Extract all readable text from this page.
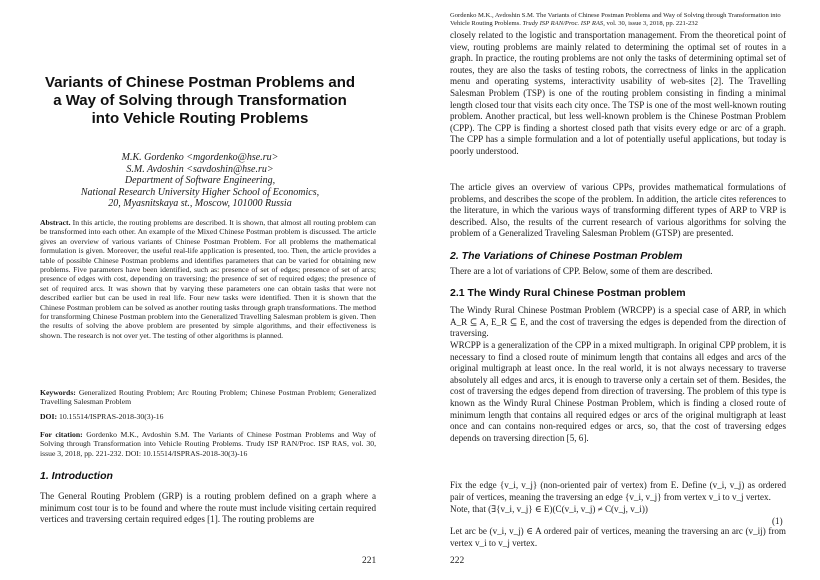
Variants of Chinese Postman Problems and a Way of Solving through Transformation into Vehicle Routing Problems
M.K. Gordenko <mgordenko@hse.ru>
S.M. Avdoshin <savdoshin@hse.ru>
Department of Software Engineering,
National Research University Higher School of Economics,
20, Myasnitskaya st., Moscow, 101000 Russia

Abstract. In this article, the routing problems are described. It is shown, that almost all routing problem can be transformed into each other. An example of the Mixed Chinese Postman problem is discussed. The article gives an overview of various variants of Chinese Postman Problem. For all problems the mathematical formulation is given. Moreover, the useful real-life application is presented, too. Then, the article provides a table of possible Chinese Postman problems and identifies parameters that can be varied for obtaining new problems. Five parameters have been identified, such as: presence of set of edges; presence of set of arcs; presence of edges with cost, depending on traversing; the presence of set of required edges; the presence of set of required arcs. It was shown that by varying these parameters one can obtain tasks that were not described earlier but can be used in real life. Four new tasks were identified. Then it is shown that the Chinese Postman problem can be solved as another routing tasks through graph transformations. The method for transforming Chinese Postman problem into the Generalized Travelling Salesman problem is given. Then the results of solving the above problem are presented by simple algorithms, and their effectiveness is shown. The research is not over yet. The testing of other algorithms is planned.

Keywords: Generalized Routing Problem; Arc Routing Problem; Chinese Postman Problem; Generalized Travelling Salesman Problem

DOI: 10.15514/ISPRAS-2018-30(3)-16

For citation: Gordenko M.K., Avdoshin S.M. The Variants of Chinese Postman Problems and Way of Solving through Transformation into Vehicle Routing Problems. Trudy ISP RAN/Proc. ISP RAS, vol. 30, issue 3, 2018, pp. 221-232. DOI: 10.15514/ISPRAS-2018-30(3)-16

1. Introduction

The General Routing Problem (GRP) is a routing problem defined on a graph where a minimum cost tour is to be found and where the route must include visiting certain required vertices and traversing certain required edges [1]. The routing problems are

221
Gordenko M.K., Avdoshin S.M. The Variants of Chinese Postman Problems and Way of Solving through Transformation into Vehicle Routing Problems. Trudy ISP RAN/Proc. ISP RAS, vol. 30, issue 3, 2018, pp. 221-232

closely related to the logistic and transportation management. From the theoretical point of view, routing problems are mainly related to determining the optimal set of routes in a graph. In practice, the routing problems are not only the tasks of determining optimal set of routes, they are also the tasks of testing robots, the correctness of links in the application menu and operating systems, interactivity usability of web-sites [2]. The Travelling Salesman Problem (TSP) is one of the routing problem consisting in finding a minimal length closed tour that visits each city once. The TSP is one of the most well-known routing problem. Another practical, but less well-known problem is the Chinese Postman Problem (CPP). The CPP is finding a shortest closed path that visits every edge or arc of a graph. The CPP has a simple formulation and a lot of potentially useful applications, but today is poorly understood.

The article gives an overview of various CPPs, provides mathematical formulations of problems, and describes the scope of the problem. In addition, the article cites references to the literature, in which the various ways of transforming different types of ARP to VRP is described. Also, the results of the current research of various algorithms for solving the problem of a Generalized Traveling Salesman Problem (GTSP) are presented.

2. The Variations of Chinese Postman Problem

There are a lot of variations of CPP. Below, some of them are described.

2.1 The Windy Rural Chinese Postman problem

The Windy Rural Chinese Postman Problem (WRCPP) is a special case of ARP, in which A_R ⊆ A, E_R ⊆ E, and the cost of traversing the edges is depended from the direction of traversing.

WRCPP is a generalization of the CPP in a mixed multigraph. In original CPP problem, it is necessary to find a closed route of minimum length that contains all edges and arcs of the original multigraph at least once. In the real world, it is not always necessary to traverse absolutely all edges and arcs, it is enough to traverse only a certain set of them. Besides, the cost of traversing the edges depend from direction of traversing. The problem of this type is known as the Windy Rural Chinese Postman Problem, which is finding a closed route of minimum length that contains all required edges or arcs of the original multigraph at least once and can contains non-required edges or arcs, so, that the cost of traversing edges depends on traversing direction [5, 6].

Fix the edge {v_i, v_j} (non-oriented pair of vertex) from E. Define (v_i, v_j) as ordered pair of vertices, meaning the traversing an edge {v_i, v_j} from vertex v_i to v_j vertex.

Note, that (∃{v_i, v_j} ∈ E)(C(v_i, v_j) ≠ C(v_j, v_i))

(1)

Let arc be (v_i, v_j) ∈ A ordered pair of vertices, meaning the traversing an arc (v_ij) from vertex v_i to v_j vertex.

222
